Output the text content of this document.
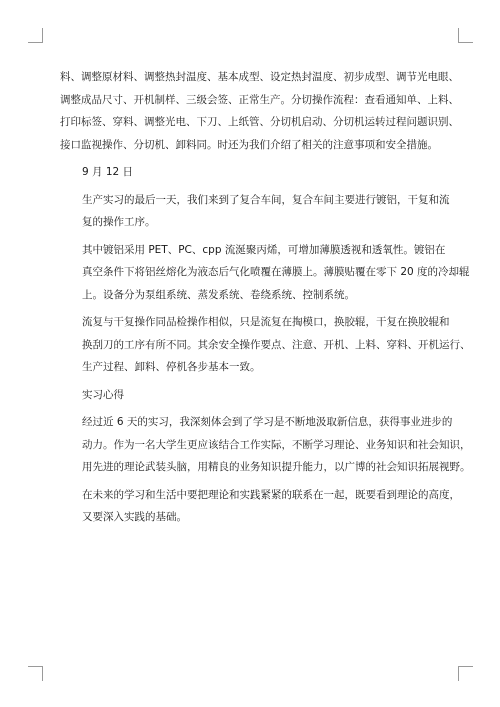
料、调整原材料、调整热封温度、基本成型、设定热封温度、初步成型、调节光电眼、
调整成品尺寸、开机制样、三级会签、正常生产。分切操作流程：查看通知单、上料、
打印标签、穿料、调整光电、下刀、上纸管、分切机启动、分切机运转过程问题识别、
接口监视操作、分切机、卸料同。时还为我们介绍了相关的注意事项和安全措施。

9 月 12 日

生产实习的最后一天，我们来到了复合车间，复合车间主要进行镀铝，干复和流
复的操作工序。

其中镀铝采用 PET、PC、cpp 流涎聚丙烯，可增加薄膜透视和透氧性。镀铝在
真空条件下将铝丝熔化为液态后气化喷覆在薄膜上。薄膜贴覆在零下 20 度的冷却辊
上。设备分为泵组系统、蒸发系统、卷绕系统、控制系统。

流复与干复操作同品检操作相似，只是流复在掏模口，换胶辊，干复在换胶辊和
换刮刀的工序有所不同。其余安全操作要点、注意、开机、上料、穿料、开机运行、
生产过程、卸料、停机各步基本一致。

实习心得

经过近 6 天的实习，我深刻体会到了学习是不断地汲取新信息，获得事业进步的
动力。作为一名大学生更应该结合工作实际，不断学习理论、业务知识和社会知识，
用先进的理论武装头脑，用精良的业务知识提升能力，以广博的社会知识拓展视野。

在未来的学习和生活中要把理论和实践紧紧的联系在一起，既要看到理论的高度，
又要深入实践的基础。
